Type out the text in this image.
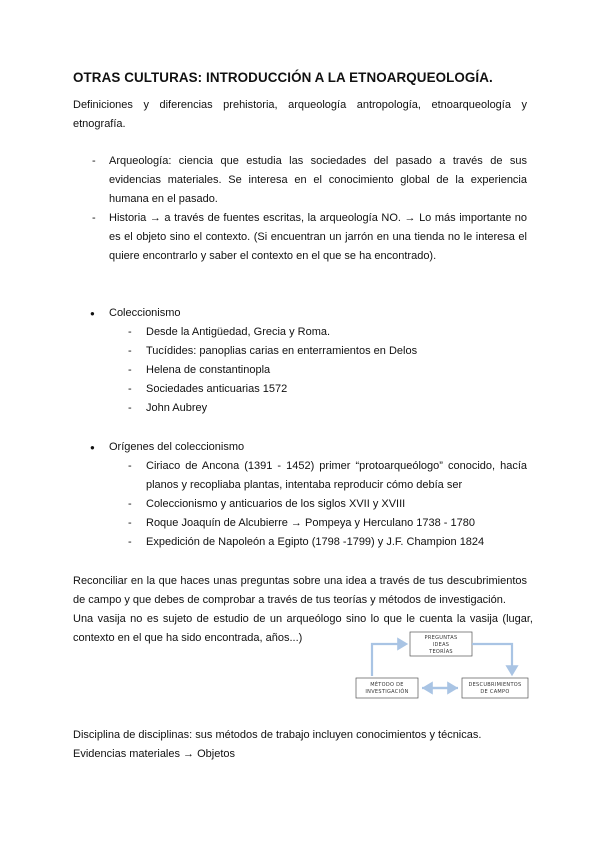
OTRAS CULTURAS: INTRODUCCIÓN A LA ETNOARQUEOLOGÍA.
Definiciones y diferencias prehistoria, arqueología antropología, etnoarqueología y etnografía.
- Arqueología: ciencia que estudia las sociedades del pasado a través de sus evidencias materiales. Se interesa en el conocimiento global de la experiencia humana en el pasado.
- Historia → a través de fuentes escritas, la arqueología NO. → Lo más importante no es el objeto sino el contexto. (Si encuentran un jarrón en una tienda no le interesa el quiere encontrarlo y saber el contexto en el que se ha encontrado).
● Coleccionismo
- Desde la Antigüedad, Grecia y Roma.
- Tucídides: panoplias carias en enterramientos en Delos
- Helena de constantinopla
- Sociedades anticuarias 1572
- John Aubrey
● Orígenes del coleccionismo
- Ciriaco de Ancona (1391 - 1452) primer “protoarqueólogo” conocido, hacía planos y recopliaba plantas, intentaba reproducir cómo debía ser
- Coleccionismo y anticuarios de los siglos XVII y XVIII
- Roque Joaquín de Alcubierre → Pompeya y Herculano 1738 - 1780
- Expedición de Napoleón a Egipto (1798 -1799) y J.F. Champion 1824
Reconciliar en la que haces unas preguntas sobre una idea a través de tus descubrimientos de campo y que debes de comprobar a través de tus teorías y métodos de investigación.
Una vasija no es sujeto de estudio de un arqueólogo sino lo que le cuenta la vasija (lugar, contexto en el que ha sido encontrada, años...)	PREGUNTAS
IDEAS
TEORÍAS
MÉTODO DE
INVESTIGACIÓN
DESCUBRIMIENTOS
DE CAMPO
Disciplina de disciplinas: sus métodos de trabajo incluyen conocimientos y técnicas.
Evidencias materiales → Objetos
